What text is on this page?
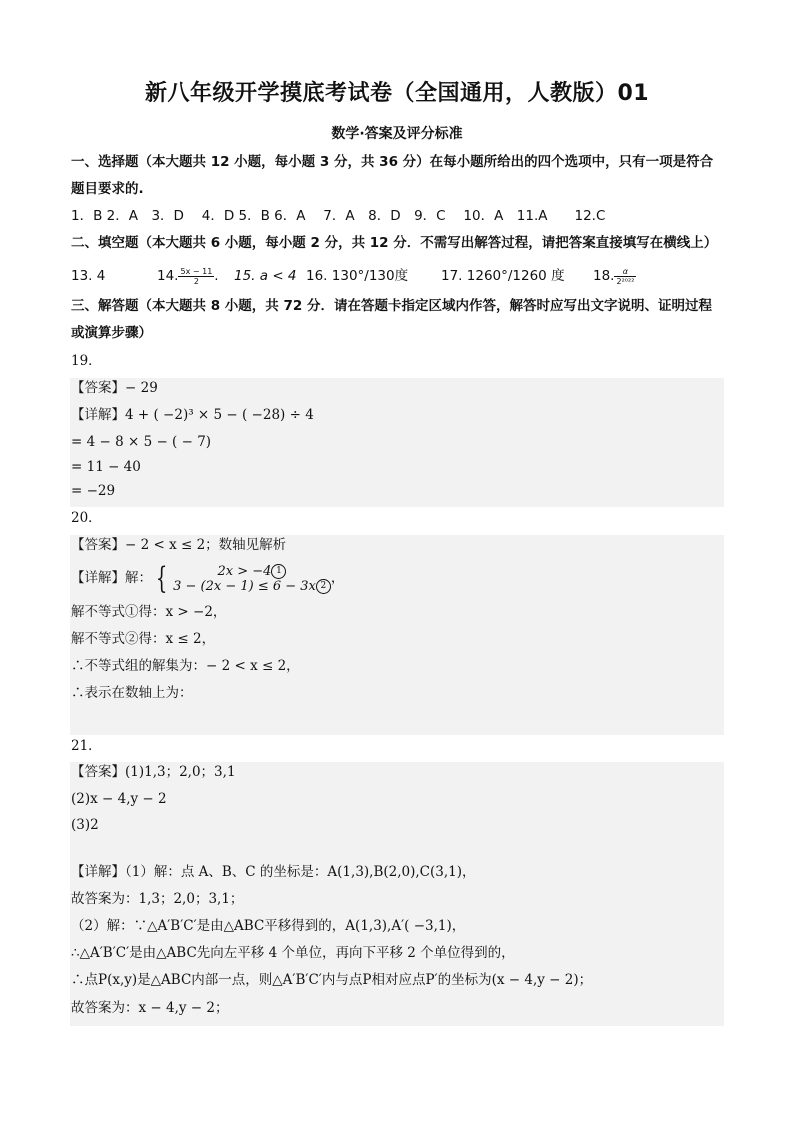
新八年级开学摸底考试卷（全国通用，人教版）01
数学·答案及评分标准
一、选择题（本大题共 12 小题，每小题 3 分，共 36 分）在每小题所给出的四个选项中，只有一项是符合
题目要求的.
1．B 2．A　3．D　 4．D 5．B 6．A　 7．A　8．D　9．C　 10．A　11.A　　12.C
二、填空题（本大题共 6 小题，每小题 2 分，共 12 分．不需写出解答过程，请把答案直接填写在横线上）
13. 4	14. $\frac{5x - 11}{2}$ . 15. a < 4 16. 130°/130度 17. 1260°/1260 度 18. $\frac{\alpha}{\text{2²⁰²²}}$
三、解答题（本大题共 8 小题，共 72 分．请在答题卡指定区域内作答，解答时应写出文字说明、证明过程
或演算步骤）
19．
【答案】− 29
【详解】4 + ( −2)³ × 5 − ( −28) ÷ 4
= 4 − 8 × 5 − ( − 7)
= 11 − 40
= −29
20．
【答案】− 2 < x ≤ 2；数轴见解析
【详解】解： {	2x > −4 1
3 − (2x − 1) ≤ 6 − 3x 2 ，
解不等式①得：x > −2，
解不等式②得：x ≤ 2，
∴不等式组的解集为：− 2 < x ≤ 2，
∴表示在数轴上为：
21．
【答案】(1)1,3；2,0；3,1
(2)x − 4,y − 2
(3)2
【详解】（1）解：点 A、B、C 的坐标是：A(1,3),B(2,0),C(3,1)，
故答案为：1,3；2,0；3,1；
（2）解：∵△A′B′C′是由△ABC平移得到的，A(1,3),A′( −3,1)，
∴△A′B′C′是由△ABC先向左平移 4 个单位，再向下平移 2 个单位得到的，
∴点P(x,y)是△ABC内部一点，则△A′B′C′内与点P相对应点P′的坐标为(x − 4,y − 2)；
故答案为：x − 4,y − 2；
